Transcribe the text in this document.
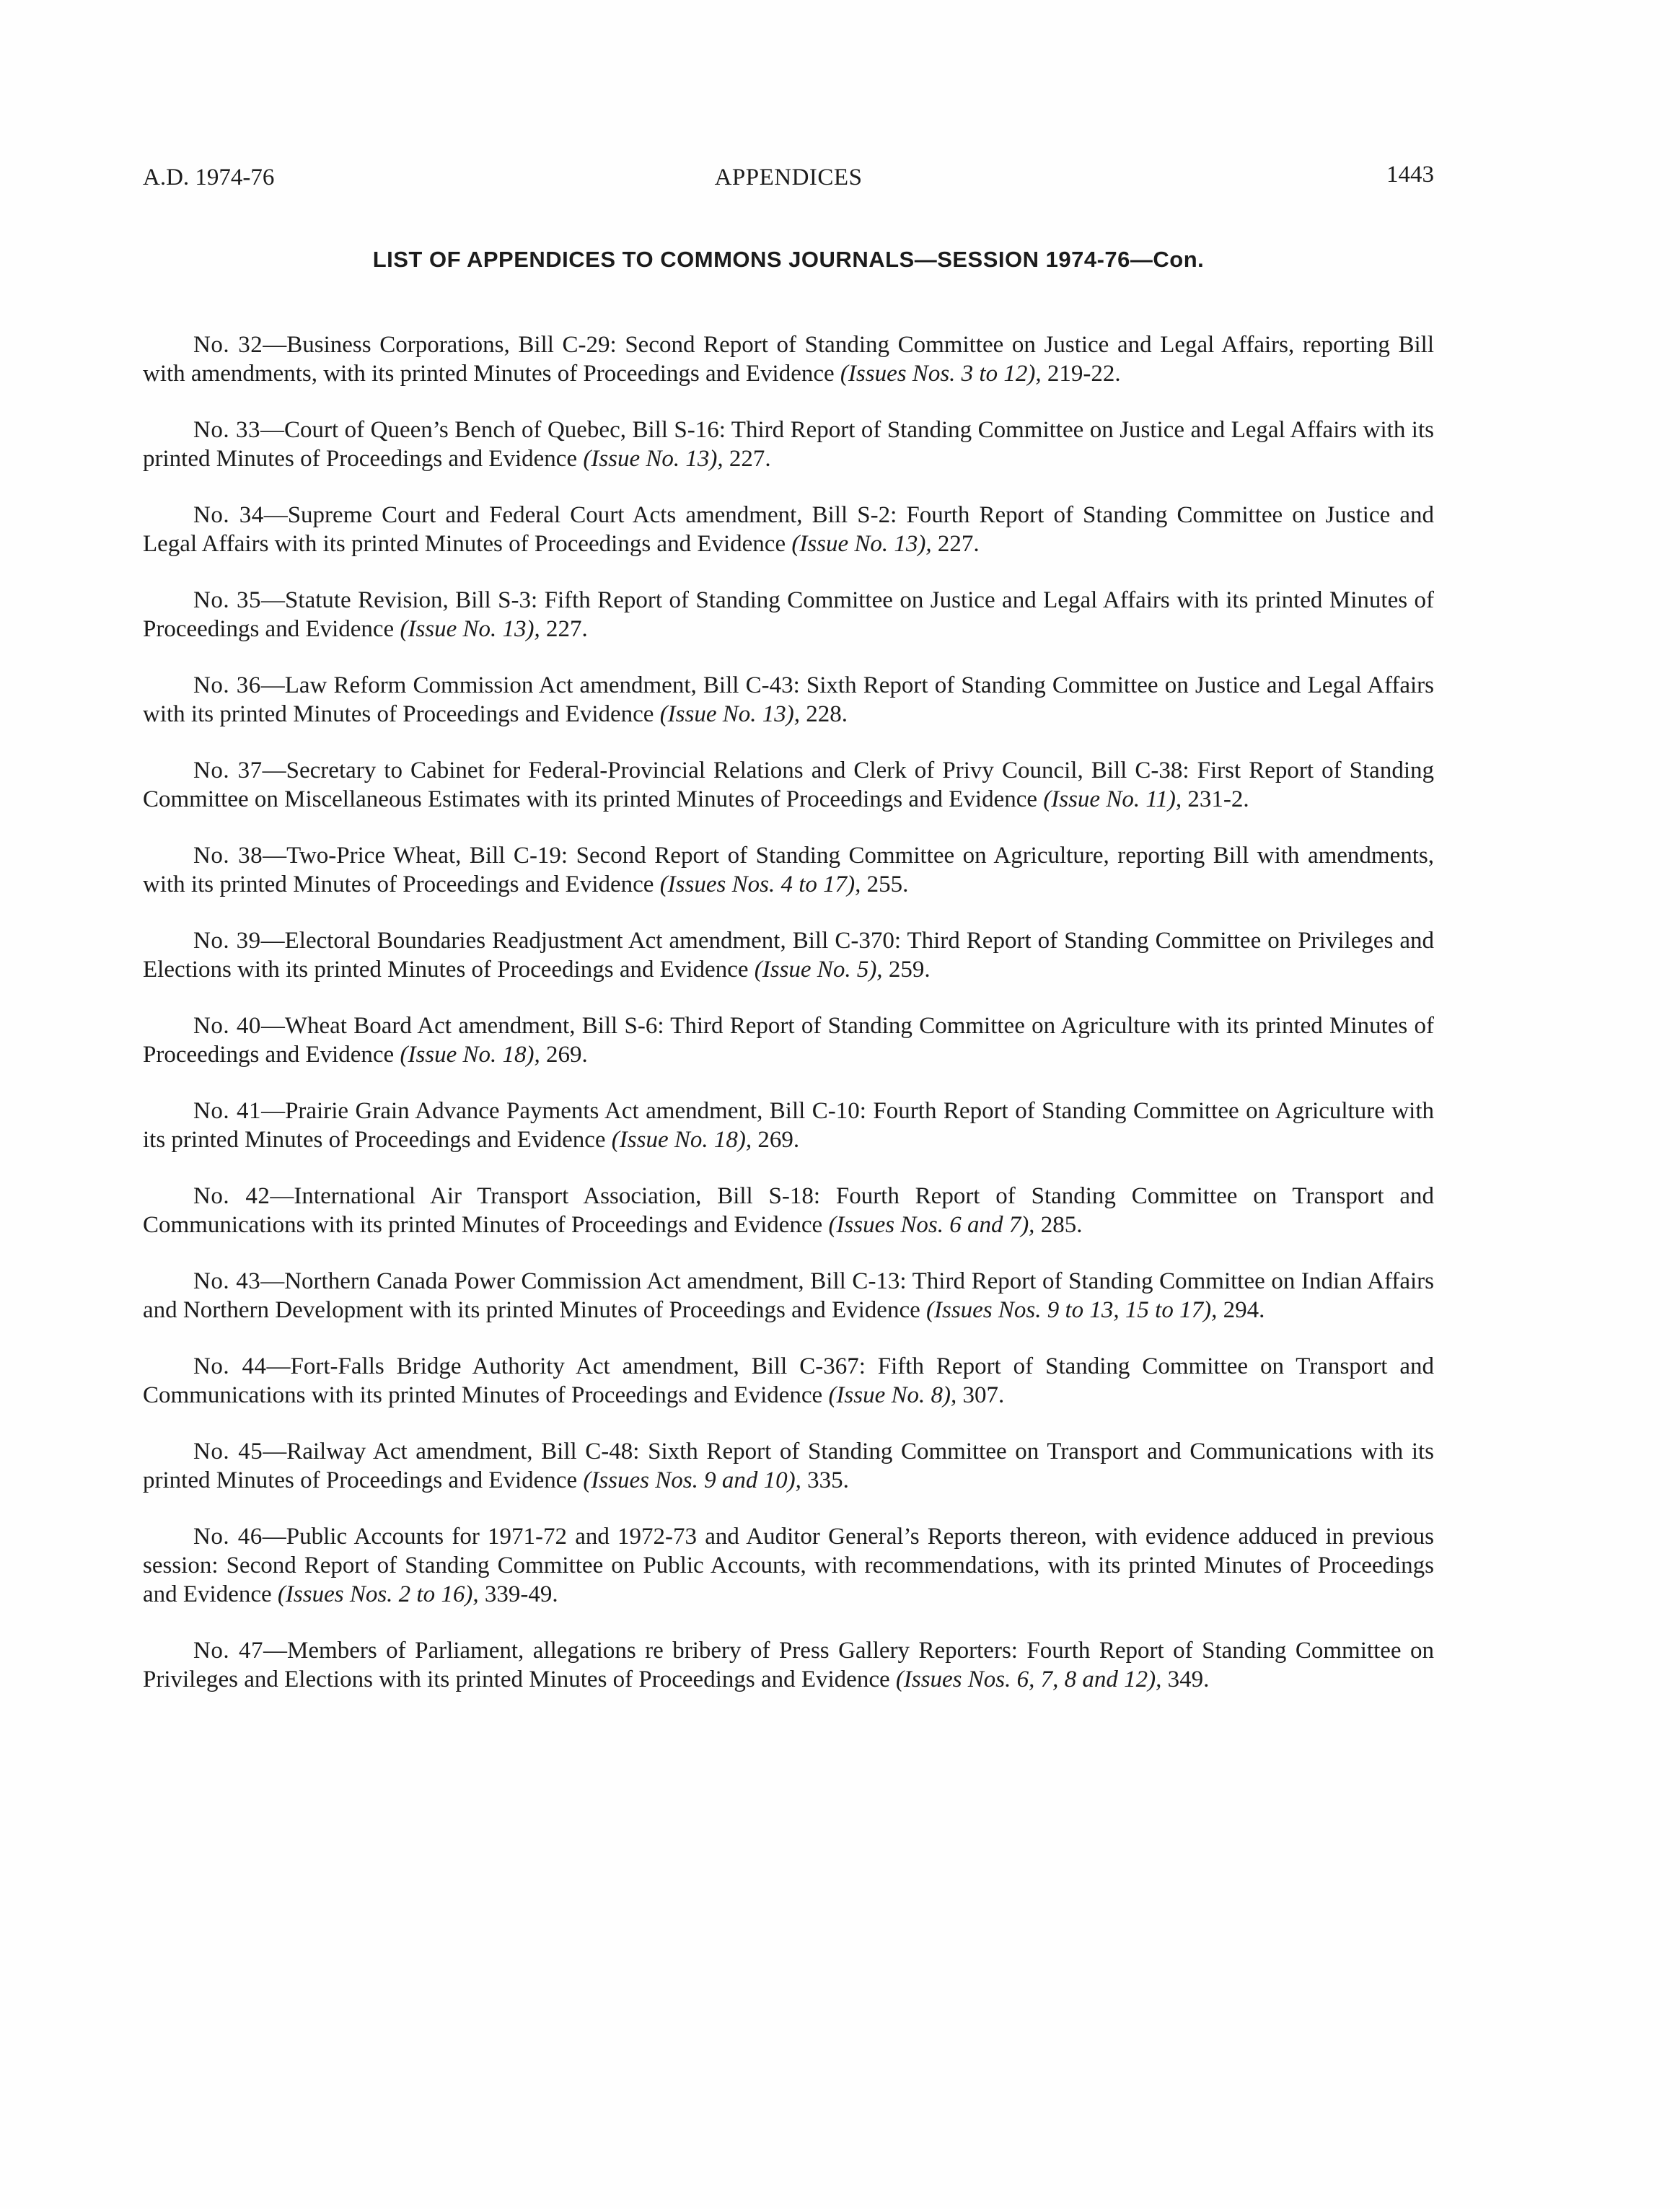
A.D. 1974-76	APPENDICES	1443
LIST OF APPENDICES TO COMMONS JOURNALS—SESSION 1974-76—Con.

No. 32—Business Corporations, Bill C-29: Second Report of Standing Committee on Justice and Legal Affairs, reporting Bill with amendments, with its printed Minutes of Proceedings and Evidence (Issues Nos. 3 to 12), 219-22.

No. 33—Court of Queen’s Bench of Quebec, Bill S-16: Third Report of Standing Committee on Justice and Legal Affairs with its printed Minutes of Proceedings and Evidence (Issue No. 13), 227.

No. 34—Supreme Court and Federal Court Acts amendment, Bill S-2: Fourth Report of Standing Committee on Justice and Legal Affairs with its printed Minutes of Proceedings and Evidence (Issue No. 13), 227.

No. 35—Statute Revision, Bill S-3: Fifth Report of Standing Committee on Justice and Legal Affairs with its printed Minutes of Proceedings and Evidence (Issue No. 13), 227.

No. 36—Law Reform Commission Act amendment, Bill C-43: Sixth Report of Standing Committee on Justice and Legal Affairs with its printed Minutes of Proceedings and Evidence (Issue No. 13), 228.

No. 37—Secretary to Cabinet for Federal-Provincial Relations and Clerk of Privy Council, Bill C-38: First Report of Standing Committee on Miscellaneous Estimates with its printed Minutes of Proceedings and Evidence (Issue No. 11), 231-2.

No. 38—Two-Price Wheat, Bill C-19: Second Report of Standing Committee on Agriculture, reporting Bill with amendments, with its printed Minutes of Proceedings and Evidence (Issues Nos. 4 to 17), 255.

No. 39—Electoral Boundaries Readjustment Act amendment, Bill C-370: Third Report of Standing Committee on Privileges and Elections with its printed Minutes of Proceedings and Evidence (Issue No. 5), 259.

No. 40—Wheat Board Act amendment, Bill S-6: Third Report of Standing Committee on Agriculture with its printed Minutes of Proceedings and Evidence (Issue No. 18), 269.

No. 41—Prairie Grain Advance Payments Act amendment, Bill C-10: Fourth Report of Standing Committee on Agriculture with its printed Minutes of Proceedings and Evidence (Issue No. 18), 269.

No. 42—International Air Transport Association, Bill S-18: Fourth Report of Standing Committee on Transport and Communications with its printed Minutes of Proceedings and Evidence (Issues Nos. 6 and 7), 285.

No. 43—Northern Canada Power Commission Act amendment, Bill C-13: Third Report of Standing Committee on Indian Affairs and Northern Development with its printed Minutes of Proceedings and Evidence (Issues Nos. 9 to 13, 15 to 17), 294.

No. 44—Fort-Falls Bridge Authority Act amendment, Bill C-367: Fifth Report of Standing Committee on Transport and Communications with its printed Minutes of Proceedings and Evidence (Issue No. 8), 307.

No. 45—Railway Act amendment, Bill C-48: Sixth Report of Standing Committee on Transport and Communications with its printed Minutes of Proceedings and Evidence (Issues Nos. 9 and 10), 335.

No. 46—Public Accounts for 1971-72 and 1972-73 and Auditor General’s Reports thereon, with evidence adduced in previous session: Second Report of Standing Committee on Public Accounts, with recommendations, with its printed Minutes of Proceedings and Evidence (Issues Nos. 2 to 16), 339-49.

No. 47—Members of Parliament, allegations re bribery of Press Gallery Reporters: Fourth Report of Standing Committee on Privileges and Elections with its printed Minutes of Proceedings and Evidence (Issues Nos. 6, 7, 8 and 12), 349.
